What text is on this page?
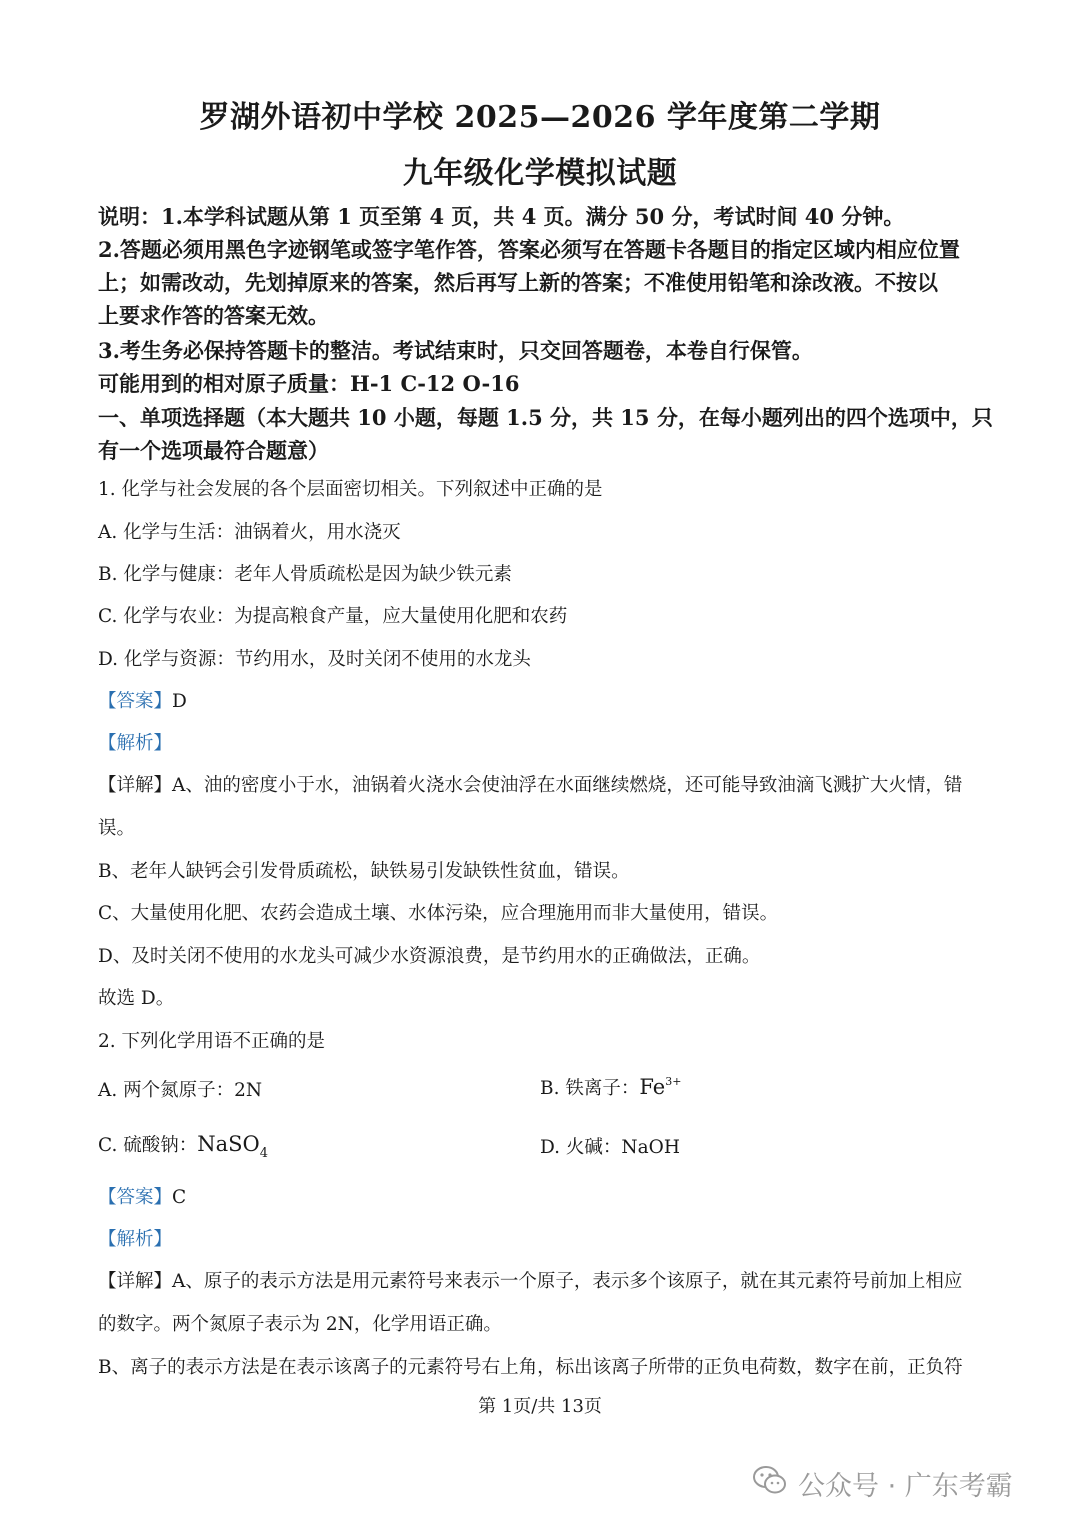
罗湖外语初中学校 2025—2026 学年度第二学期
九年级化学模拟试题
说明：1.本学科试题从第 1 页至第 4 页，共 4 页。满分 50 分，考试时间 40 分钟。
2.答题必须用黑色字迹钢笔或签字笔作答，答案必须写在答题卡各题目的指定区域内相应位置
上；如需改动，先划掉原来的答案，然后再写上新的答案；不准使用铅笔和涂改液。不按以
上要求作答的答案无效。
3.考生务必保持答题卡的整洁。考试结束时，只交回答题卷，本卷自行保管。
可能用到的相对原子质量：H-1 C-12 O-16
一、单项选择题（本大题共 10 小题，每题 1.5 分，共 15 分，在每小题列出的四个选项中，只
有一个选项最符合题意）
1. 化学与社会发展的各个层面密切相关。下列叙述中正确的是
A. 化学与生活：油锅着火，用水浇灭
B. 化学与健康：老年人骨质疏松是因为缺少铁元素
C. 化学与农业：为提高粮食产量，应大量使用化肥和农药
D. 化学与资源：节约用水，及时关闭不使用的水龙头
【答案】D
【解析】
【详解】A、油的密度小于水，油锅着火浇水会使油浮在水面继续燃烧，还可能导致油滴飞溅扩大火情，错
误。
B、老年人缺钙会引发骨质疏松，缺铁易引发缺铁性贫血，错误。
C、大量使用化肥、农药会造成土壤、水体污染，应合理施用而非大量使用，错误。
D、及时关闭不使用的水龙头可减少水资源浪费，是节约用水的正确做法，正确。
故选 D。
2. 下列化学用语不正确的是
A. 两个氮原子：2N	B. 铁离子：$Fe^{3+}$
C. 硫酸钠：NaSO$_4$	D. 火碱：NaOH
【答案】C
【解析】
【详解】A、原子的表示方法是用元素符号来表示一个原子，表示多个该原子，就在其元素符号前加上相应
的数字。两个氮原子表示为 2N，化学用语正确。
B、离子的表示方法是在表示该离子的元素符号右上角，标出该离子所带的正负电荷数，数字在前，正负符
第 1页/共 13页
公众号 · 广东考霸
